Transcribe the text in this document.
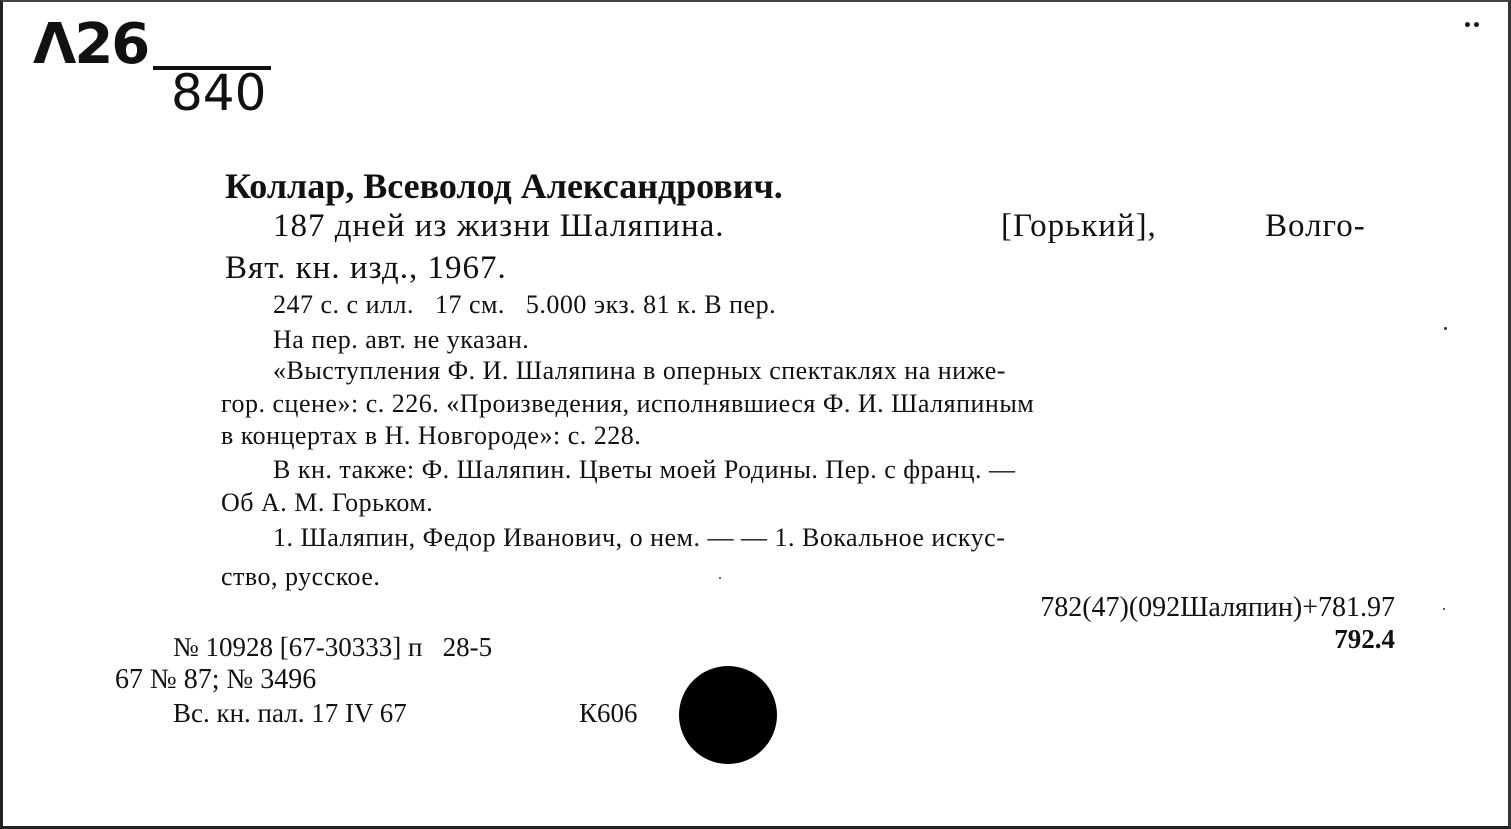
Λ26
840
••
Коллар, Всеволод Александрович.
187 дней из жизни Шаляпина.	[Горький],	Волго-
Вят. кн. изд., 1967.
247 с. с илл.   17 см.   5.000 экз. 81 к. В пер.
На пер. авт. не указан.
«Выступления Ф. И. Шаляпина в оперных спектаклях на ниже-
гор. сцене»: с. 226. «Произведения, исполнявшиеся Ф. И. Шаляпиным
в концертах в Н. Новгороде»: с. 228.
В кн. также: Ф. Шаляпин. Цветы моей Родины. Пер. с франц. —
Об А. М. Горьком.
1. Шаляпин, Федор Иванович, о нем. — — 1. Вокальное искус-
ство, русское.
782(47)(092Шаляпин)+781.97
792.4
№ 10928 [67-30333] п   28-5
67 № 87; № 3496
Вс. кн. пал. 17 IV 67	К606
